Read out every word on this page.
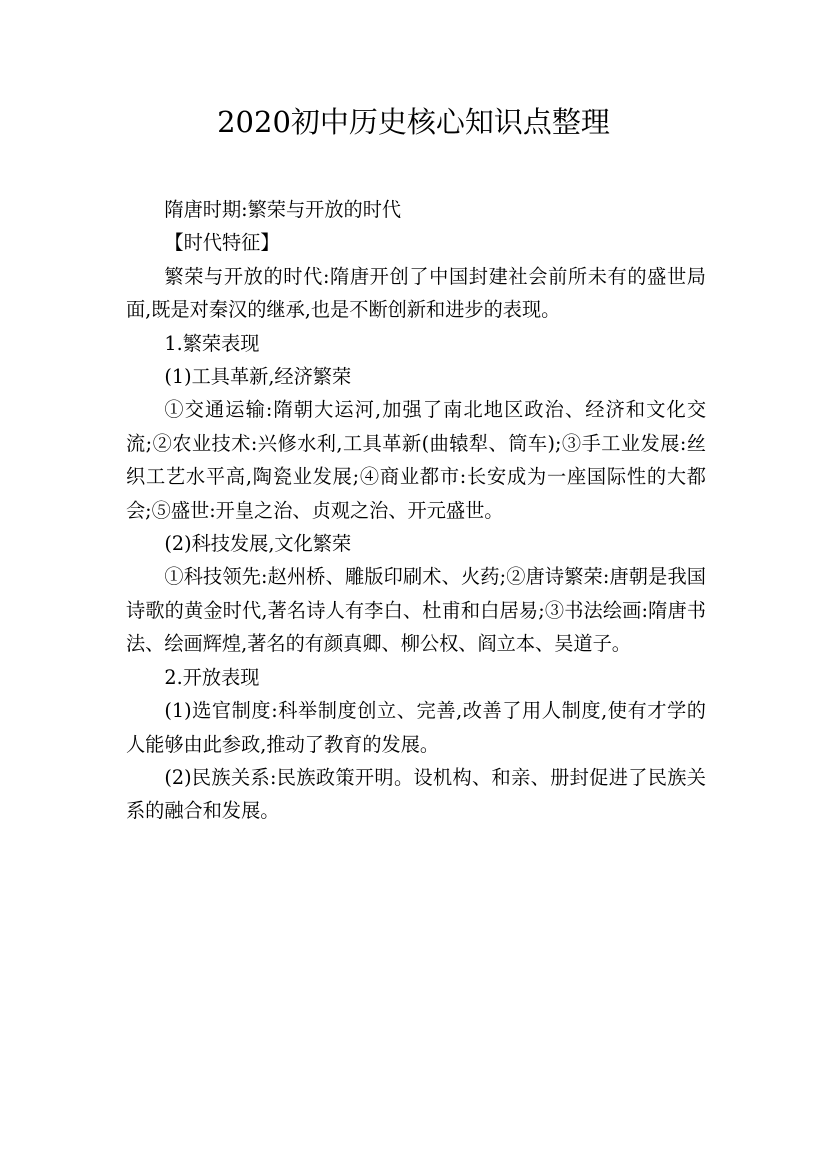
2020初中历史核心知识点整理

隋唐时期:繁荣与开放的时代

【时代特征】

繁荣与开放的时代:隋唐开创了中国封建社会前所未有的盛世局面,既是对秦汉的继承,也是不断创新和进步的表现。

1.繁荣表现

(1)工具革新,经济繁荣

①交通运输:隋朝大运河,加强了南北地区政治、经济和文化交流;②农业技术:兴修水利,工具革新(曲辕犁、筒车);③手工业发展:丝织工艺水平高,陶瓷业发展;④商业都市:长安成为一座国际性的大都会;⑤盛世:开皇之治、贞观之治、开元盛世。

(2)科技发展,文化繁荣

①科技领先:赵州桥、雕版印刷术、火药;②唐诗繁荣:唐朝是我国诗歌的黄金时代,著名诗人有李白、杜甫和白居易;③书法绘画:隋唐书法、绘画辉煌,著名的有颜真卿、柳公权、阎立本、吴道子。

2.开放表现

(1)选官制度:科举制度创立、完善,改善了用人制度,使有才学的人能够由此参政,推动了教育的发展。

(2)民族关系:民族政策开明。设机构、和亲、册封促进了民族关系的融合和发展。
